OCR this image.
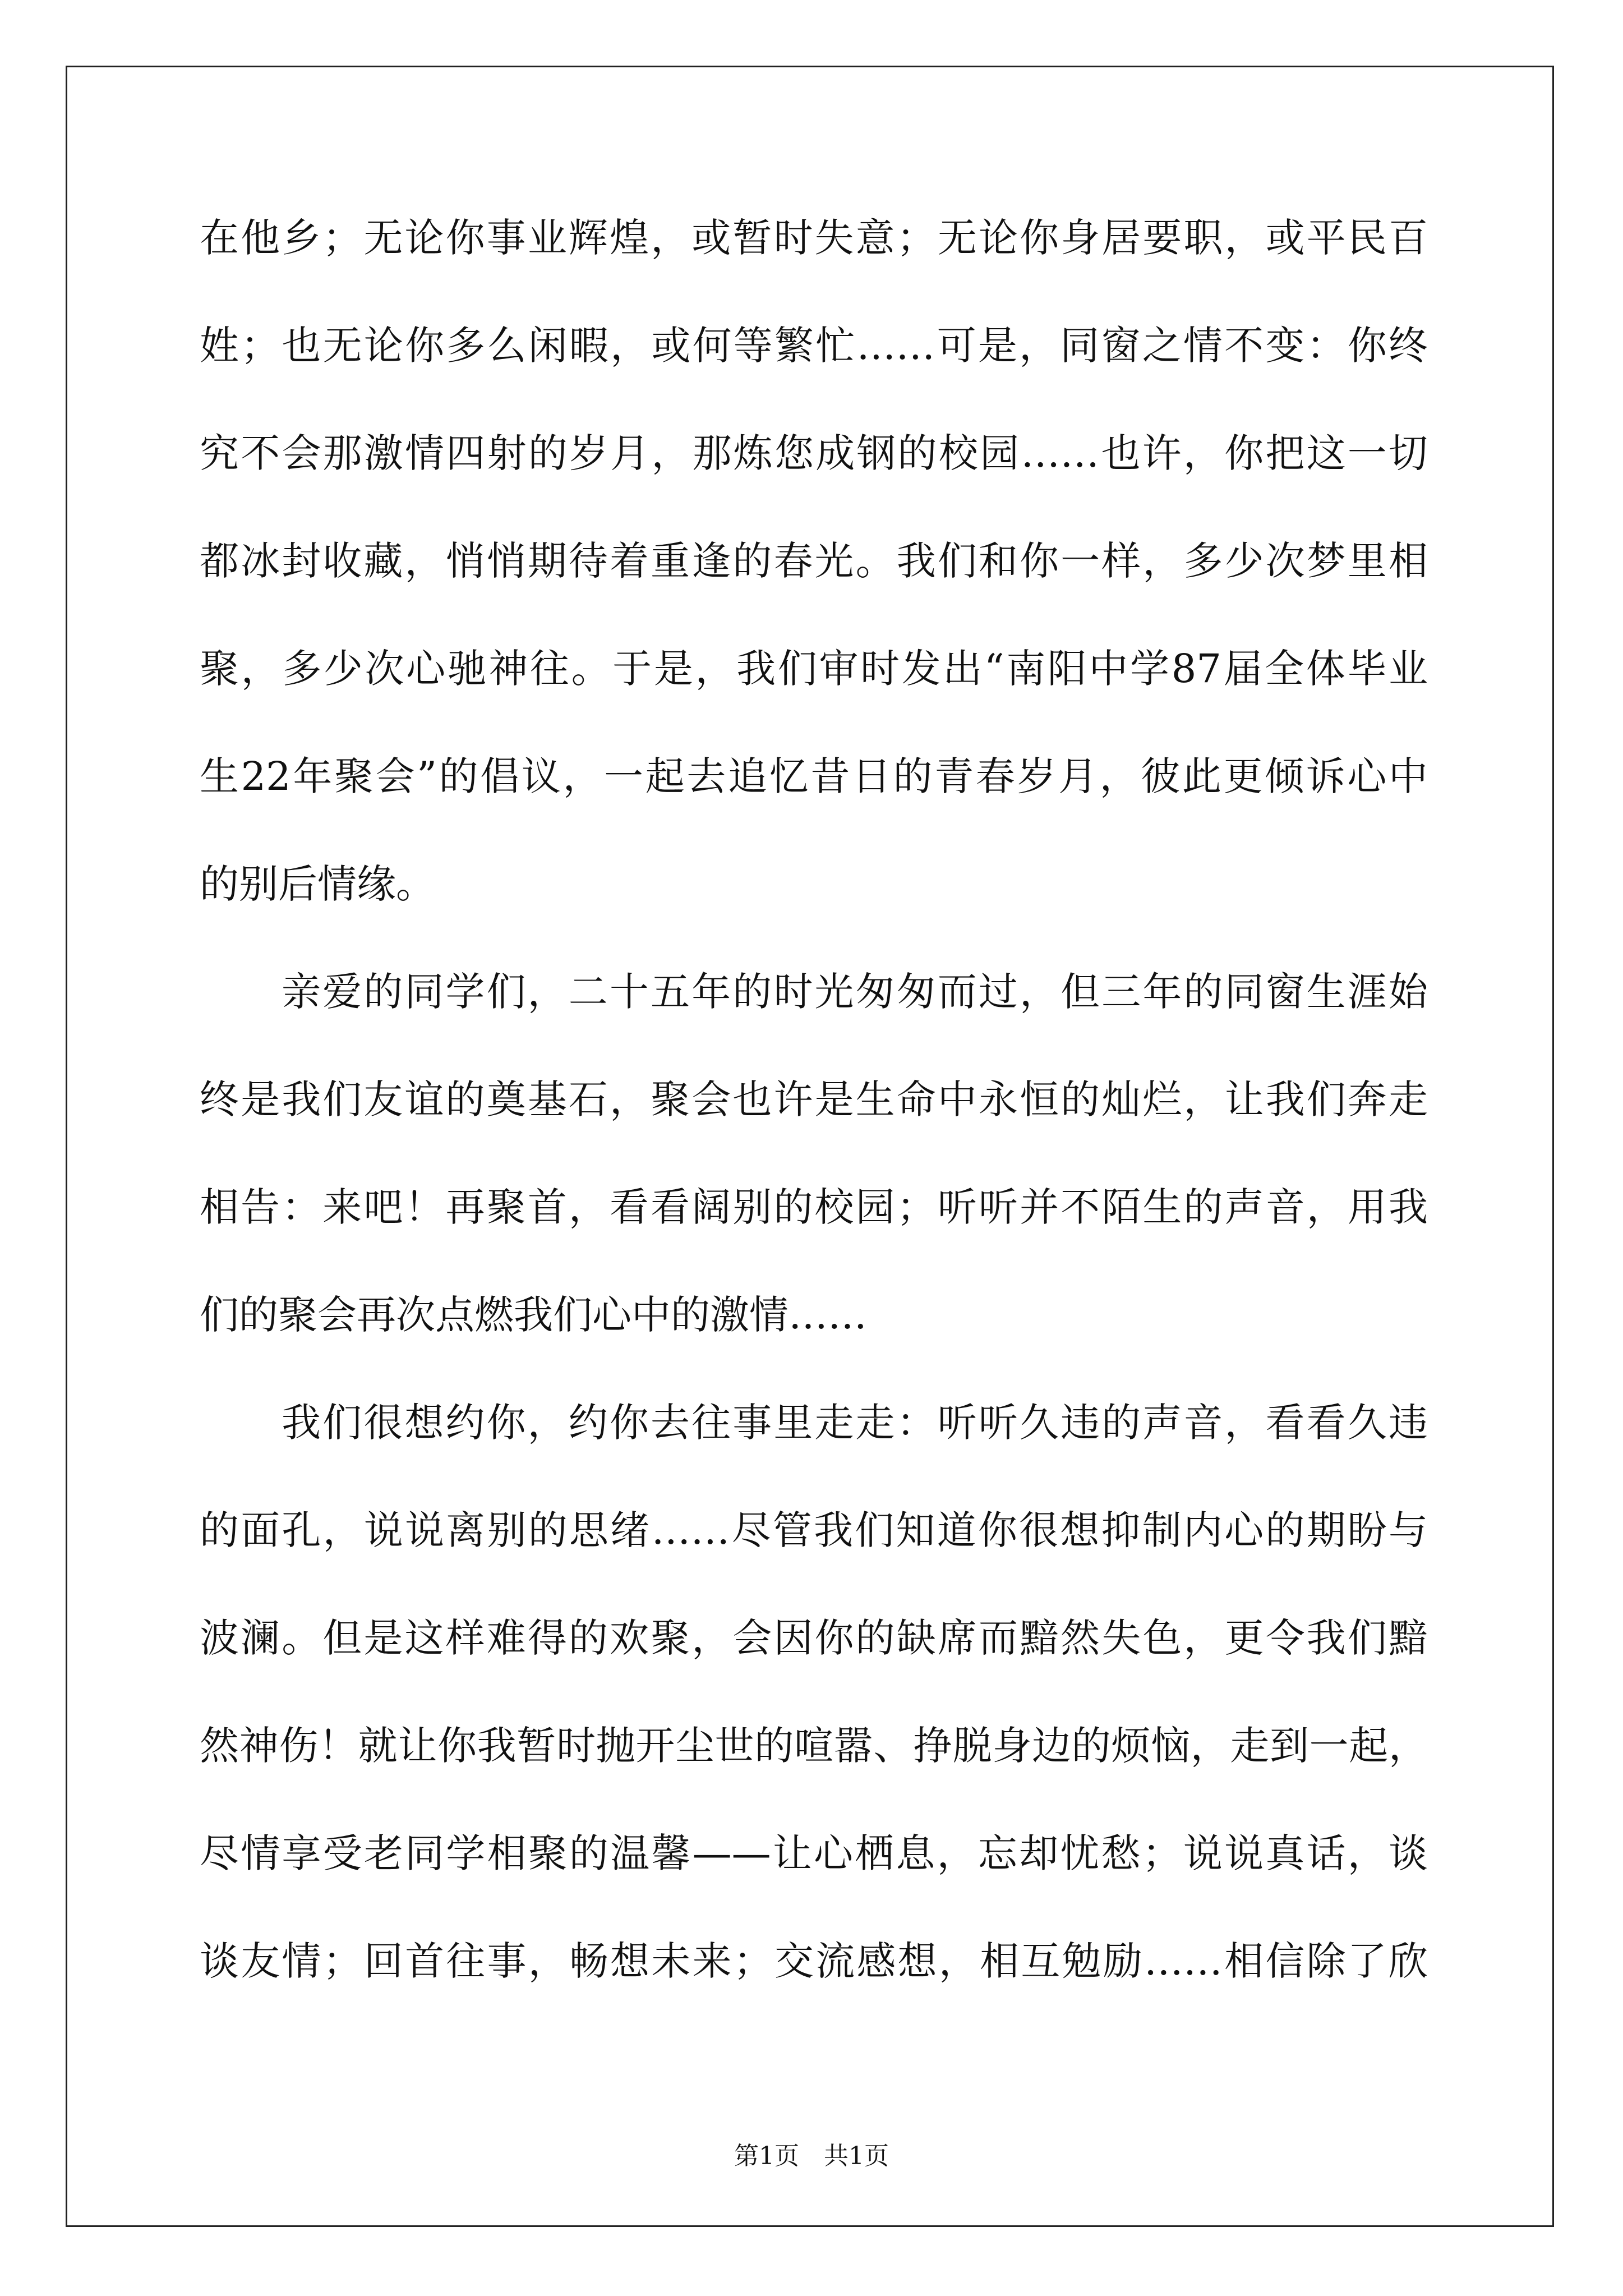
在他乡；无论你事业辉煌，或暂时失意；无论你身居要职，或平民百
姓；也无论你多么闲暇，或何等繁忙……可是，同窗之情不变：你终
究不会那激情四射的岁月，那炼您成钢的校园……也许，你把这一切
都冰封收藏，悄悄期待着重逢的春光。我们和你一样，多少次梦里相
聚，多少次心驰神往。于是，我们审时发出“南阳中学87届全体毕业
生22年聚会”的倡议，一起去追忆昔日的青春岁月，彼此更倾诉心中
的别后情缘。
亲爱的同学们，二十五年的时光匆匆而过，但三年的同窗生涯始
终是我们友谊的奠基石，聚会也许是生命中永恒的灿烂，让我们奔走
相告：来吧！再聚首，看看阔别的校园；听听并不陌生的声音，用我
们的聚会再次点燃我们心中的激情……
我们很想约你，约你去往事里走走：听听久违的声音，看看久违
的面孔，说说离别的思绪……尽管我们知道你很想抑制内心的期盼与
波澜。但是这样难得的欢聚，会因你的缺席而黯然失色，更令我们黯
然神伤！就让你我暂时抛开尘世的喧嚣、挣脱身边的烦恼，走到一起，
尽情享受老同学相聚的温馨——让心栖息，忘却忧愁；说说真话，谈
谈友情；回首往事，畅想未来；交流感想，相互勉励……相信除了欣
第1页　共1页
